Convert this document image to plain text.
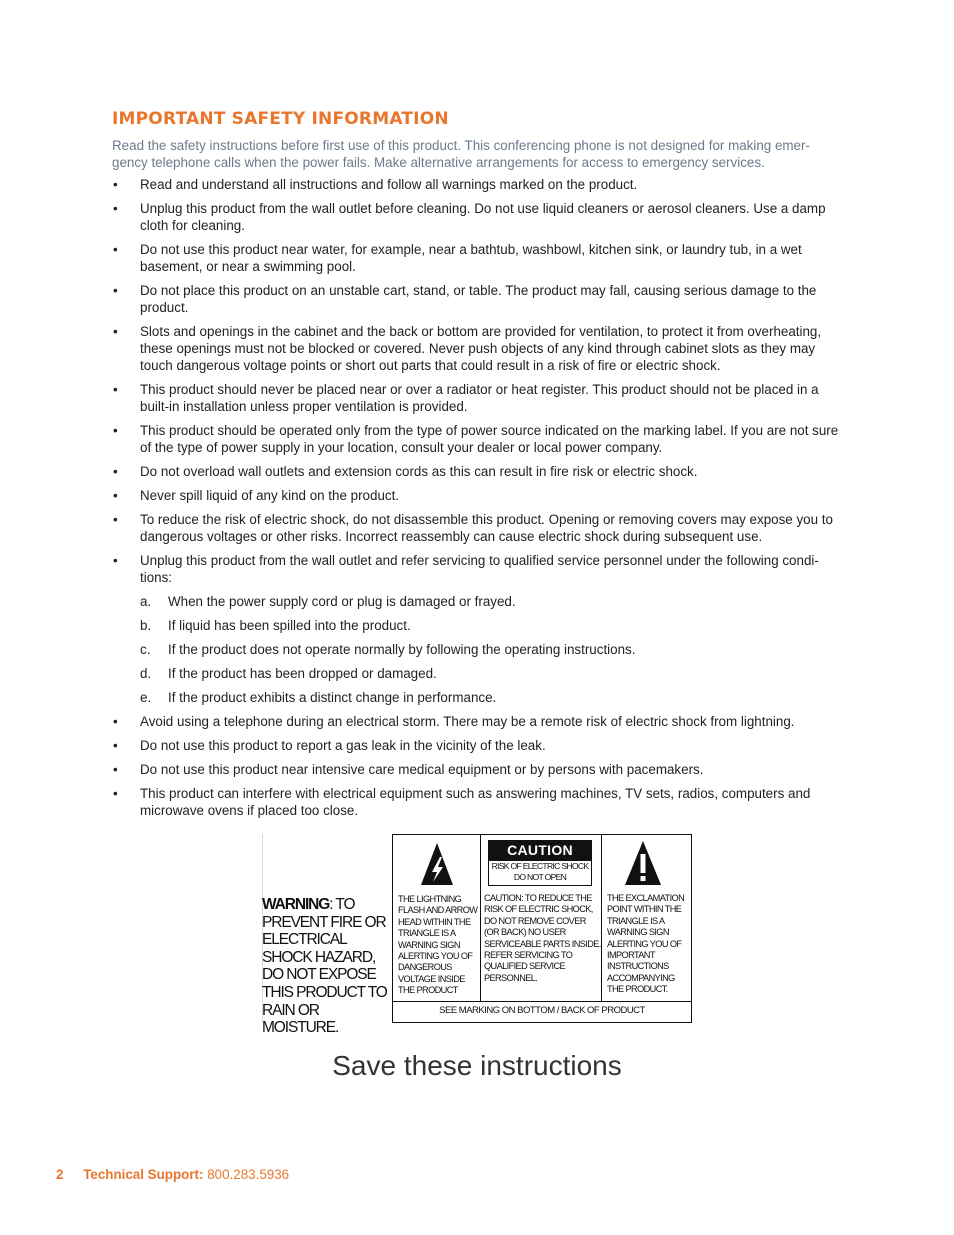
IMPORTANT SAFETY INFORMATION

Read the safety instructions before first use of this product. This conferencing phone is not designed for making emer-gency telephone calls when the power fails. Make alternative arrangements for access to emergency services.

• Read and understand all instructions and follow all warnings marked on the product.
• Unplug this product from the wall outlet before cleaning. Do not use liquid cleaners or aerosol cleaners. Use a damp cloth for cleaning.
• Do not use this product near water, for example, near a bathtub, washbowl, kitchen sink, or laundry tub, in a wet basement, or near a swimming pool.
• Do not place this product on an unstable cart, stand, or table. The product may fall, causing serious damage to the product.
• Slots and openings in the cabinet and the back or bottom are provided for ventilation, to protect it from overheating, these openings must not be blocked or covered. Never push objects of any kind through cabinet slots as they may touch dangerous voltage points or short out parts that could result in a risk of fire or electric shock.
• This product should never be placed near or over a radiator or heat register. This product should not be placed in a built-in installation unless proper ventilation is provided.
• This product should be operated only from the type of power source indicated on the marking label. If you are not sure of the type of power supply in your location, consult your dealer or local power company.
• Do not overload wall outlets and extension cords as this can result in fire risk or electric shock.
• Never spill liquid of any kind on the product.
• To reduce the risk of electric shock, do not disassemble this product. Opening or removing covers may expose you to dangerous voltages or other risks. Incorrect reassembly can cause electric shock during subsequent use.
• Unplug this product from the wall outlet and refer servicing to qualified service personnel under the following condi-tions:
a. When the power supply cord or plug is damaged or frayed.
b. If liquid has been spilled into the product.
c. If the product does not operate normally by following the operating instructions.
d. If the product has been dropped or damaged.
e. If the product exhibits a distinct change in performance.
• Avoid using a telephone during an electrical storm. There may be a remote risk of electric shock from lightning.
• Do not use this product to report a gas leak in the vicinity of the leak.
• Do not use this product near intensive care medical equipment or by persons with pacemakers.
• This product can interfere with electrical equipment such as answering machines, TV sets, radios, computers and microwave ovens if placed too close.

WARNING: TO PREVENT FIRE OR ELECTRICAL SHOCK HAZARD, DO NOT EXPOSE THIS PRODUCT TO RAIN OR MOISTURE.

THE LIGHTNING FLASH AND ARROW HEAD WITHIN THE TRIANGLE IS A WARNING SIGN ALERTING YOU OF DANGEROUS VOLTAGE INSIDE THE PRODUCT

CAUTION
RISK OF ELECTRIC SHOCK
DO NOT OPEN

CAUTION: TO REDUCE THE RISK OF ELECTRIC SHOCK, DO NOT REMOVE COVER (OR BACK) NO USER SERVICEABLE PARTS INSIDE. REFER SERVICING TO QUALIFIED SERVICE PERSONNEL.

THE EXCLAMATION POINT WITHIN THE TRIANGLE IS A WARNING SIGN ALERTING YOU OF IMPORTANT INSTRUCTIONS ACCOMPANYING THE PRODUCT.

SEE MARKING ON BOTTOM / BACK OF PRODUCT
Save these instructions
2 Technical Support: 800.283.5936
